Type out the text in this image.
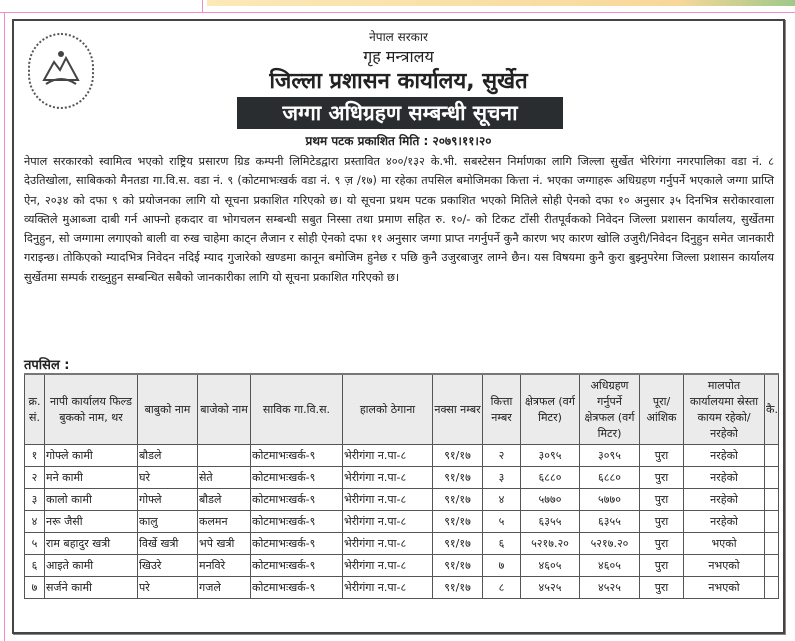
नेपाल सरकार
गृह मन्त्रालय
जिल्ला प्रशासन कार्यालय, सुर्खेत
जग्गा अधिग्रहण सम्बन्धी सूचना
प्रथम पटक प्रकाशित मिति : २०७९।११।२०
नेपाल सरकारको स्वामित्व भएको राष्ट्रिय प्रसारण ग्रिड कम्पनी लिमिटेडद्वारा प्रस्तावित ४००/१३२ के.भी. सबस्टेसन निर्माणका लागि जिल्ला सुर्खेत भेरिगंगा नगरपालिका वडा नं. ८ देउतिखोला, साबिकको मैनतडा गा.वि.स. वडा नं. ९ (कोटमाभःखर्क वडा नं. ९ ज़ /१७) मा रहेका तपसिल बमोजिमका कित्ता नं. भएका जग्गाहरू अधिग्रहण गर्नुपर्ने भएकाले जग्गा प्राप्ति ऐन, २०३४ को दफा ९ को प्रयोजनका लागि यो सूचना प्रकाशित गरिएको छ। यो सूचना प्रथम पटक प्रकाशित भएको मितिले सोही ऐनको दफा १० अनुसार ३५ दिनभित्र सरोकारवाला व्यक्तिले मुआब्जा दाबी गर्न आफ्नो हकदार वा भोगचलन सम्बन्धी सबुत निस्सा तथा प्रमाण सहित रु. १०/- को टिकट टाँसी रीतपूर्वकको निवेदन जिल्ला प्रशासन कार्यालय, सुर्खेतमा दिनुहुन, सो जग्गामा लगाएको बाली वा रुख चाहेमा काट्न लैजान र सोही ऐनको दफा ११ अनुसार जग्गा प्राप्त नगर्नुपर्ने कुनै कारण भए कारण खोलि उजुरी/निवेदन दिनुहुन समेत जानकारी गराइन्छ। तोकिएको म्यादभित्र निवेदन नदिई म्याद गुजारेको खण्डमा कानून बमोजिम हुनेछ र पछि कुनै उजुरबाजुर लाग्ने छैन। यस विषयमा कुनै कुरा बुझ्नुपरेमा जिल्ला प्रशासन कार्यालय सुर्खेतमा सम्पर्क राख्नुहुन सम्बन्धित सबैको जानकारीका लागि यो सूचना प्रकाशित गरिएको छ।
तपसिल :
क्र. सं.	नापी कार्यालय फिल्ड बुकको नाम, थर	बाबुको नाम	बाजेको नाम	साविक गा.वि.स.	हालको ठेगाना	नक्सा नम्बर	कित्ता नम्बर	क्षेत्रफल (वर्ग मिटर)	अधिग्रहण गर्नुपर्ने क्षेत्रफल (वर्ग मिटर)	पूरा/ आंशिक	मालपोत कार्यालयमा स्रेस्ता कायम रहेको/नरहेको	कै.
१	गोफ्ले कामी	बौडले		कोटमाभःखर्क-९	भेरीगंगा न.पा-८	९१/१७	२	३०९५	३०९५	पुरा	नरहेको	
२	मने कामी	घरे	सेते	कोटमाभःखर्क-९	भेरीगंगा न.पा-८	९१/१७	३	६८८०	६८८०	पुरा	नरहेको	
३	कालो कामी	गोफ्ले	बौडले	कोटमाभःखर्क-९	भेरीगंगा न.पा-८	९१/१७	४	५७७०	५७७०	पुरा	नरहेको	
४	नरू जैसी	कालु	कलमन	कोटमाभःखर्क-९	भेरीगंगा न.पा-८	९१/१७	५	६३५५	६३५५	पुरा	नरहेको	
५	राम बहादुर खत्री	विर्खे खत्री	भपे खत्री	कोटमाभःखर्क-९	भेरीगंगा न.पा-८	९१/१७	६	५२१७.२०	५२१७.२०	पुरा	भएको	
६	आइते कामी	खिउरे	मनविरे	कोटमाभःखर्क-९	भेरीगंगा न.पा-८	९१/१७	७	४६०५	४६०५	पुरा	नभएको	
७	सर्जने कामी	परे	गजले	कोटमाभःखर्क-९	भेरीगंगा न.पा-८	९१/१७	८	४५२५	४५२५	पुरा	नभएको	
